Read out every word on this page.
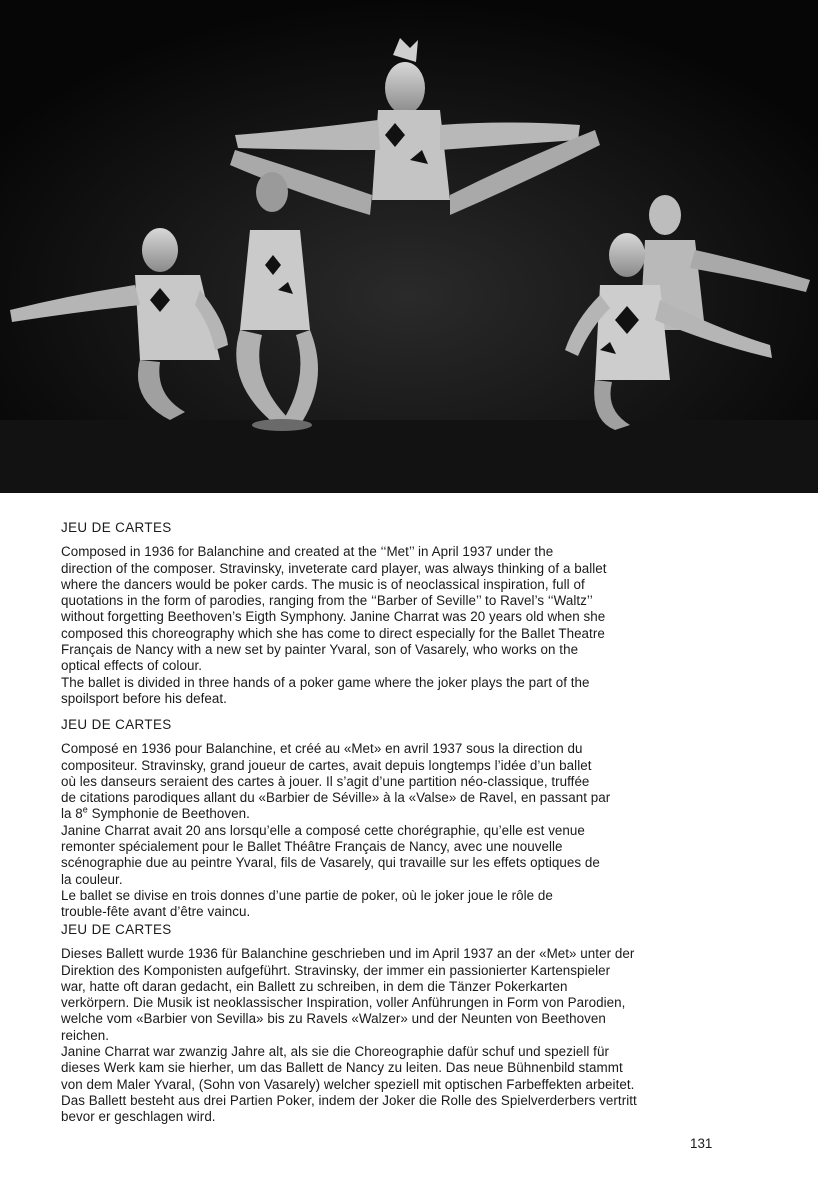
JEU DE CARTES

Composed in 1936 for Balanchine and created at the ‘‘Met’’ in April 1937 under the
direction of the composer. Stravinsky, inveterate card player, was always thinking of a ballet
where the dancers would be poker cards. The music is of neoclassical inspiration, full of
quotations in the form of parodies, ranging from the ‘‘Barber of Seville’’ to Ravel’s ‘‘Waltz’’
without forgetting Beethoven’s Eigth Symphony. Janine Charrat was 20 years old when she
composed this choreography which she has come to direct especially for the Ballet Theatre
Français de Nancy with a new set by painter Yvaral, son of Vasarely, who works on the
optical effects of colour.

The ballet is divided in three hands of a poker game where the joker plays the part of the
spoilsport before his defeat.

JEU DE CARTES

Composé en 1936 pour Balanchine, et créé au «Met» en avril 1937 sous la direction du
compositeur. Stravinsky, grand joueur de cartes, avait depuis longtemps l’idée d’un ballet
où les danseurs seraient des cartes à jouer. Il s’agit d’une partition néo-classique, truffée
de citations parodiques allant du «Barbier de Séville» à la «Valse» de Ravel, en passant par
la 8e Symphonie de Beethoven.

Janine Charrat avait 20 ans lorsqu’elle a composé cette chorégraphie, qu’elle est venue
remonter spécialement pour le Ballet Théâtre Français de Nancy, avec une nouvelle
scénographie due au peintre Yvaral, fils de Vasarely, qui travaille sur les effets optiques de
la couleur.

Le ballet se divise en trois donnes d’une partie de poker, où le joker joue le rôle de
trouble-fête avant d’être vaincu.

JEU DE CARTES

Dieses Ballett wurde 1936 für Balanchine geschrieben und im April 1937 an der «Met» unter der
Direktion des Komponisten aufgeführt. Stravinsky, der immer ein passionierter Kartenspieler
war, hatte oft daran gedacht, ein Ballett zu schreiben, in dem die Tänzer Pokerkarten
verkörpern. Die Musik ist neoklassischer Inspiration, voller Anführungen in Form von Parodien,
welche vom «Barbier von Sevilla» bis zu Ravels «Walzer» und der Neunten von Beethoven
reichen.

Janine Charrat war zwanzig Jahre alt, als sie die Choreographie dafür schuf und speziell für
dieses Werk kam sie hierher, um das Ballett de Nancy zu leiten. Das neue Bühnenbild stammt
von dem Maler Yvaral, (Sohn von Vasarely) welcher speziell mit optischen Farbeffekten arbeitet.
Das Ballett besteht aus drei Partien Poker, indem der Joker die Rolle des Spielverderbers vertritt
bevor er geschlagen wird.

131
